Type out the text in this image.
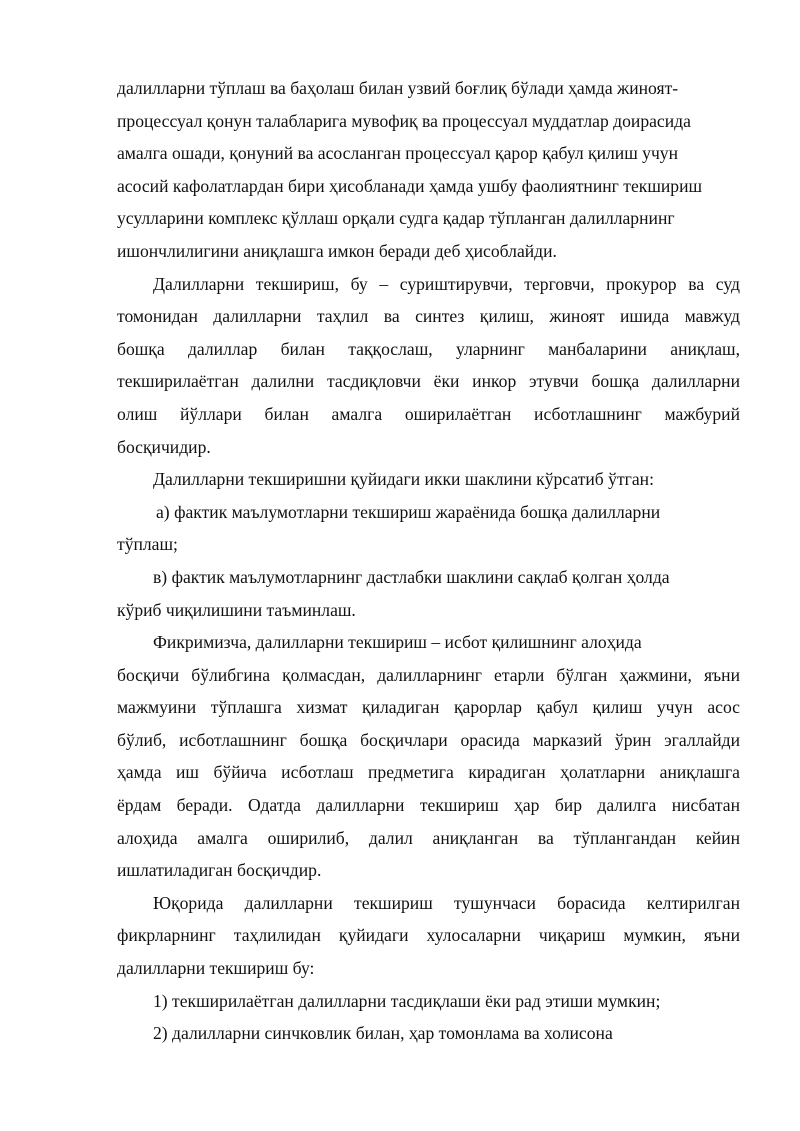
далилларни тўплаш ва баҳолаш билан узвий боғлиқ бўлади ҳамда жиноят-
процессуал қонун талабларига мувофиқ ва процессуал муддатлар доирасида
амалга ошади, қонуний ва асосланган процессуал қарор қабул қилиш учун
асосий кафолатлардан бири ҳисобланади ҳамда ушбу фаолиятнинг текшириш
усулларини комплекс қўллаш орқали судга қадар тўпланган далилларнинг
ишончлилигини аниқлашга имкон беради деб ҳисоблайди.
Далилларни текшириш, бу – суриштирувчи, терговчи, прокурор ва суд
томонидан далилларни таҳлил ва синтез қилиш, жиноят ишида мавжуд
бошқа далиллар билан таққослаш, уларнинг манбаларини аниқлаш,
текширилаётган далилни тасдиқловчи ёки инкор этувчи бошқа далилларни
олиш йўллари билан амалга оширилаётган исботлашнинг мажбурий
босқичидир.
Далилларни текширишни қуйидаги икки шаклини кўрсатиб ўтган:
а) фактик маълумотларни текшириш жараёнида бошқа далилларни
тўплаш;
в) фактик маълумотларнинг дастлабки шаклини сақлаб қолган ҳолда
кўриб чиқилишини таъминлаш.
Фикримизча, далилларни текшириш – исбот қилишнинг алоҳида
босқичи бўлибгина қолмасдан, далилларнинг етарли бўлган ҳажмини, яъни
мажмуини тўплашга хизмат қиладиган қарорлар қабул қилиш учун асос
бўлиб, исботлашнинг бошқа босқичлари орасида марказий ўрин эгаллайди
ҳамда иш бўйича исботлаш предметига кирадиган ҳолатларни аниқлашга
ёрдам беради. Одатда далилларни текшириш ҳар бир далилга нисбатан
алоҳида амалга оширилиб, далил аниқланган ва тўплангандан кейин
ишлатиладиган босқичдир.
Юқорида далилларни текшириш тушунчаси борасида келтирилган
фикрларнинг таҳлилидан қуйидаги хулосаларни чиқариш мумкин, яъни
далилларни текшириш бу:
1) текширилаётган далилларни тасдиқлаши ёки рад этиши мумкин;
2) далилларни синчковлик билан, ҳар томонлама ва холисона
